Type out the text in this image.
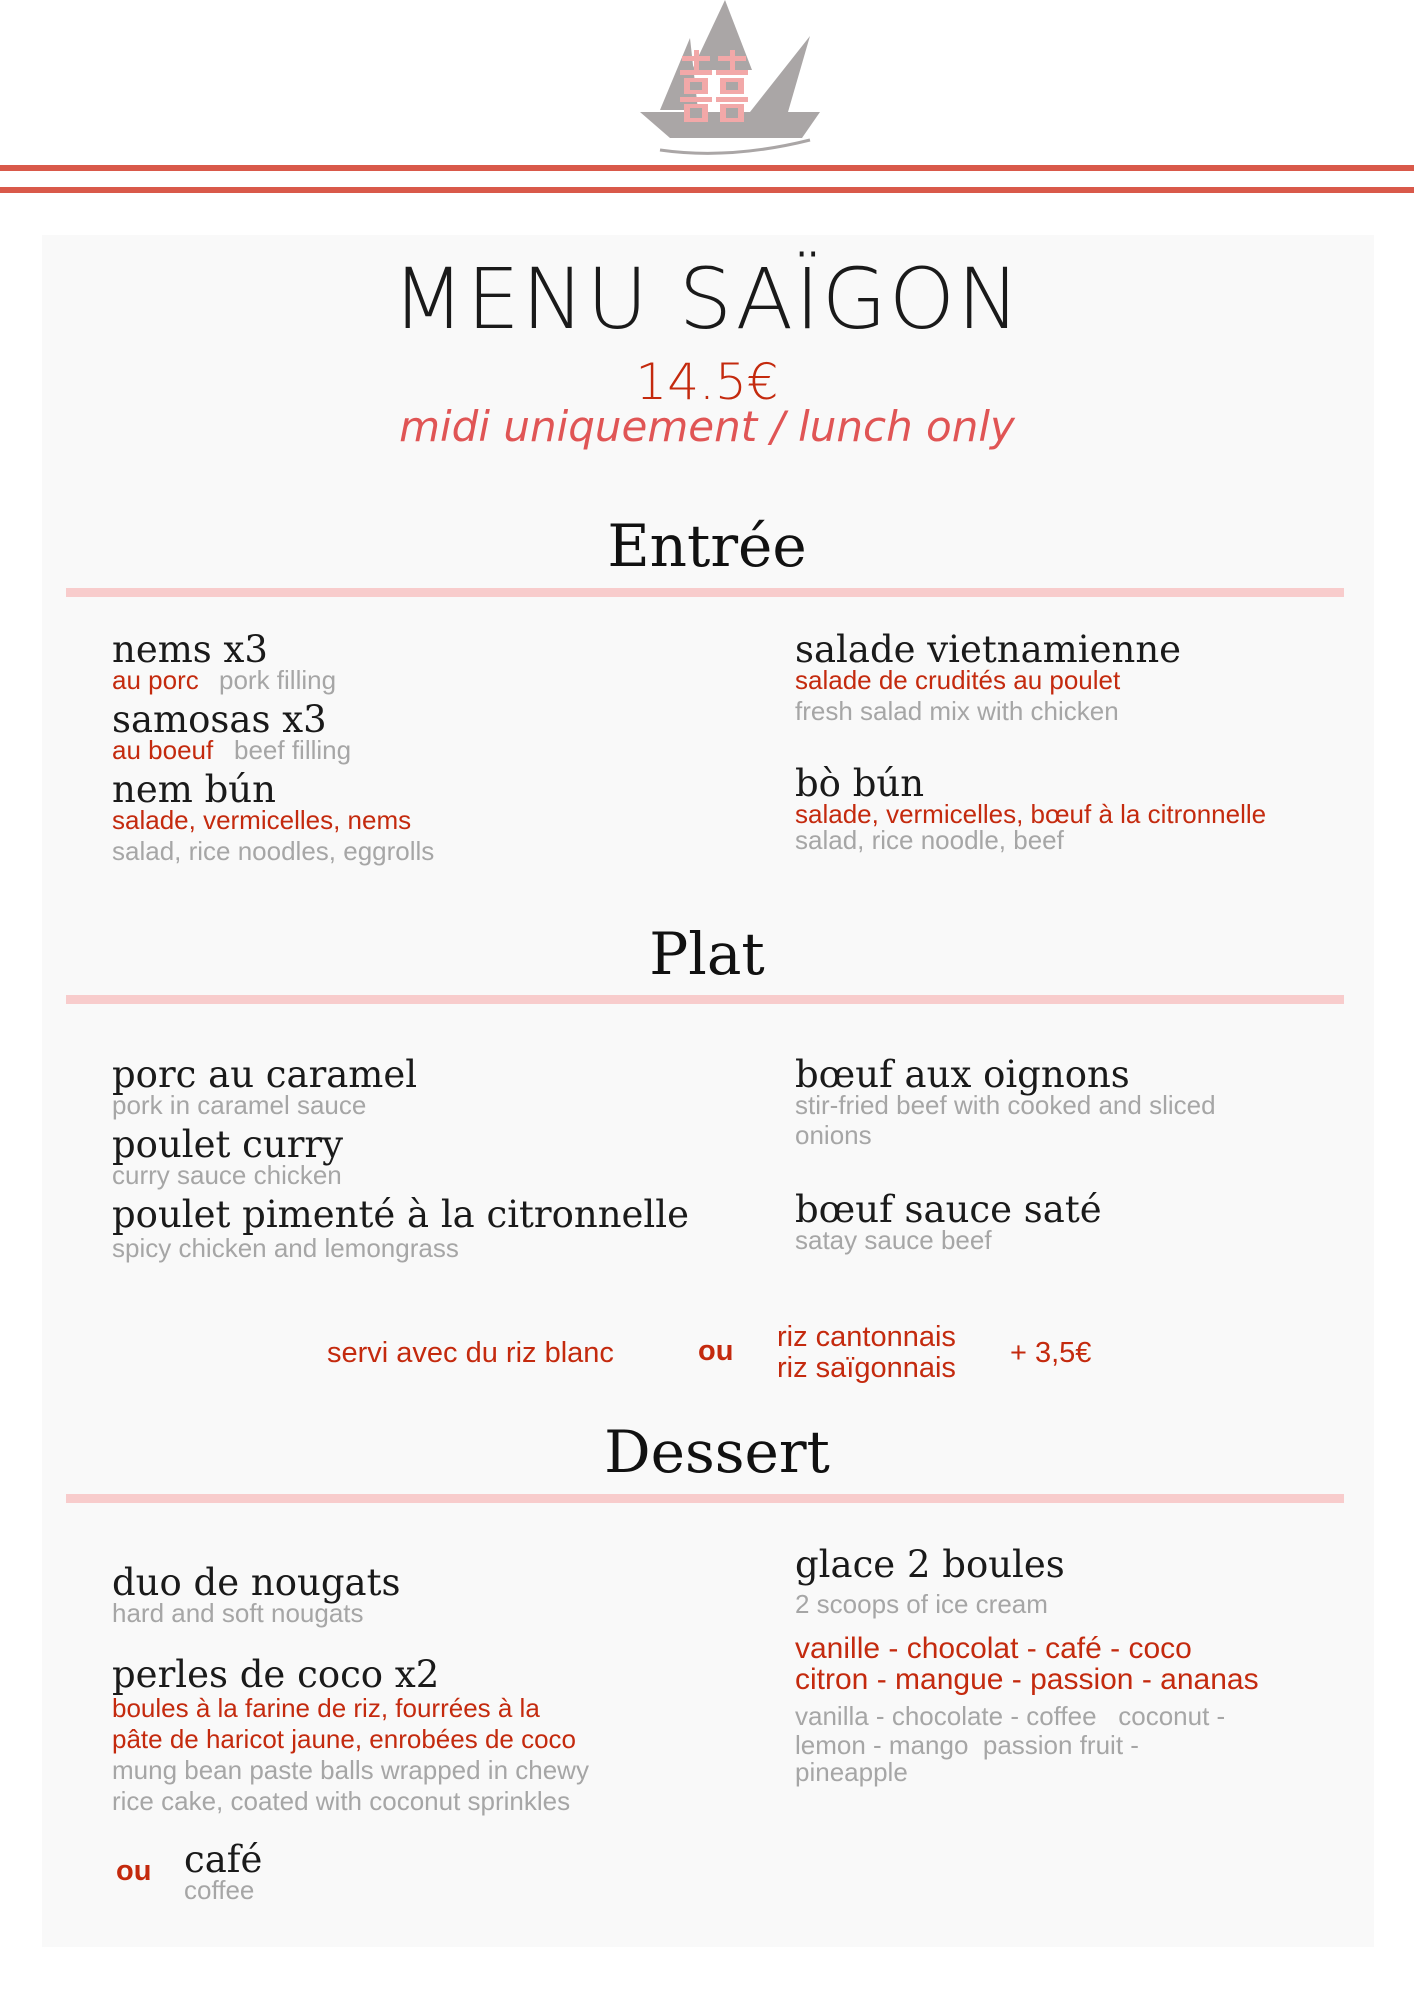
MENU SAÏGON
14.5€
midi uniquement / lunch only
Entrée
nems x3
au porc pork filling
samosas x3
au boeuf beef filling
nem bún
salade, vermicelles, nems
salad, rice noodles, eggrolls
salade vietnamienne
salade de crudités au poulet
fresh salad mix with chicken
bò bún
salade, vermicelles, bœuf à la citronnelle
salad, rice noodle, beef
Plat
porc au caramel
pork in caramel sauce
poulet curry
curry sauce chicken
poulet pimenté à la citronnelle
spicy chicken and lemongrass
bœuf aux oignons
stir-fried beef with cooked and sliced
onions
bœuf sauce saté
satay sauce beef
servi avec du riz blanc	ou riz cantonnais
riz saïgonnais + 3,5€
Dessert
duo de nougats
hard and soft nougats
perles de coco x2
boules à la farine de riz, fourrées à la
pâte de haricot jaune, enrobées de coco
mung bean paste balls wrapped in chewy
rice cake, coated with coconut sprinkles
ou café
coffee
glace 2 boules
2 scoops of ice cream
vanille - chocolat - café - coco
citron - mangue - passion - ananas
vanilla - chocolate - coffee   coconut -
lemon - mango  passion fruit -
pineapple
